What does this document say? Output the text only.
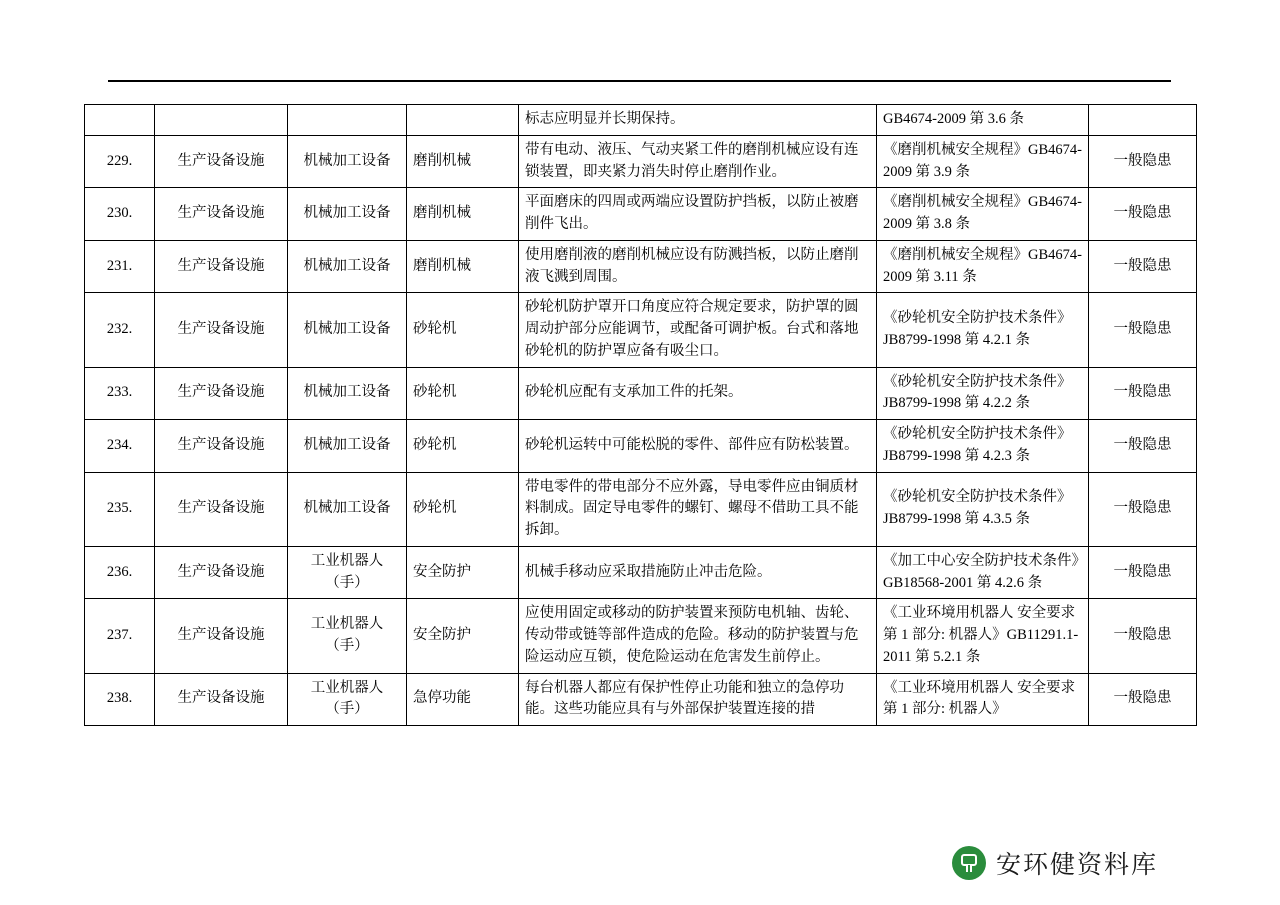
				标志应明显并长期保持。	GB4674-2009 第 3.6 条	
229.	生产设备设施	机械加工设备	磨削机械	带有电动、液压、气动夹紧工件的磨削机械应设有连锁装置，即夹紧力消失时停止磨削作业。	《磨削机械安全规程》GB4674-2009 第 3.9 条	一般隐患
230.	生产设备设施	机械加工设备	磨削机械	平面磨床的四周或两端应设置防护挡板，以防止被磨削件飞出。	《磨削机械安全规程》GB4674-2009 第 3.8 条	一般隐患
231.	生产设备设施	机械加工设备	磨削机械	使用磨削液的磨削机械应设有防溅挡板，以防止磨削液飞溅到周围。	《磨削机械安全规程》GB4674-2009 第 3.11 条	一般隐患
232.	生产设备设施	机械加工设备	砂轮机	砂轮机防护罩开口角度应符合规定要求，防护罩的圆周动护部分应能调节，或配备可调护板。台式和落地砂轮机的防护罩应备有吸尘口。	《砂轮机安全防护技术条件》JB8799-1998 第 4.2.1 条	一般隐患
233.	生产设备设施	机械加工设备	砂轮机	砂轮机应配有支承加工件的托架。	《砂轮机安全防护技术条件》JB8799-1998 第 4.2.2 条	一般隐患
234.	生产设备设施	机械加工设备	砂轮机	砂轮机运转中可能松脱的零件、部件应有防松装置。	《砂轮机安全防护技术条件》JB8799-1998 第 4.2.3 条	一般隐患
235.	生产设备设施	机械加工设备	砂轮机	带电零件的带电部分不应外露，导电零件应由铜质材料制成。固定导电零件的螺钉、螺母不借助工具不能拆卸。	《砂轮机安全防护技术条件》JB8799-1998 第 4.3.5 条	一般隐患
236.	生产设备设施	工业机器人（手）	安全防护	机械手移动应采取措施防止冲击危险。	《加工中心安全防护技术条件》GB18568-2001 第 4.2.6 条	一般隐患
237.	生产设备设施	工业机器人（手）	安全防护	应使用固定或移动的防护装置来预防电机轴、齿轮、传动带或链等部件造成的危险。移动的防护装置与危险运动应互锁，使危险运动在危害发生前停止。	《工业环境用机器人 安全要求 第 1 部分: 机器人》GB11291.1-2011 第 5.2.1 条	一般隐患
238.	生产设备设施	工业机器人（手）	急停功能	每台机器人都应有保护性停止功能和独立的急停功能。这些功能应具有与外部保护装置连接的措	《工业环境用机器人 安全要求 第 1 部分: 机器人》	一般隐患
安环健资料库
